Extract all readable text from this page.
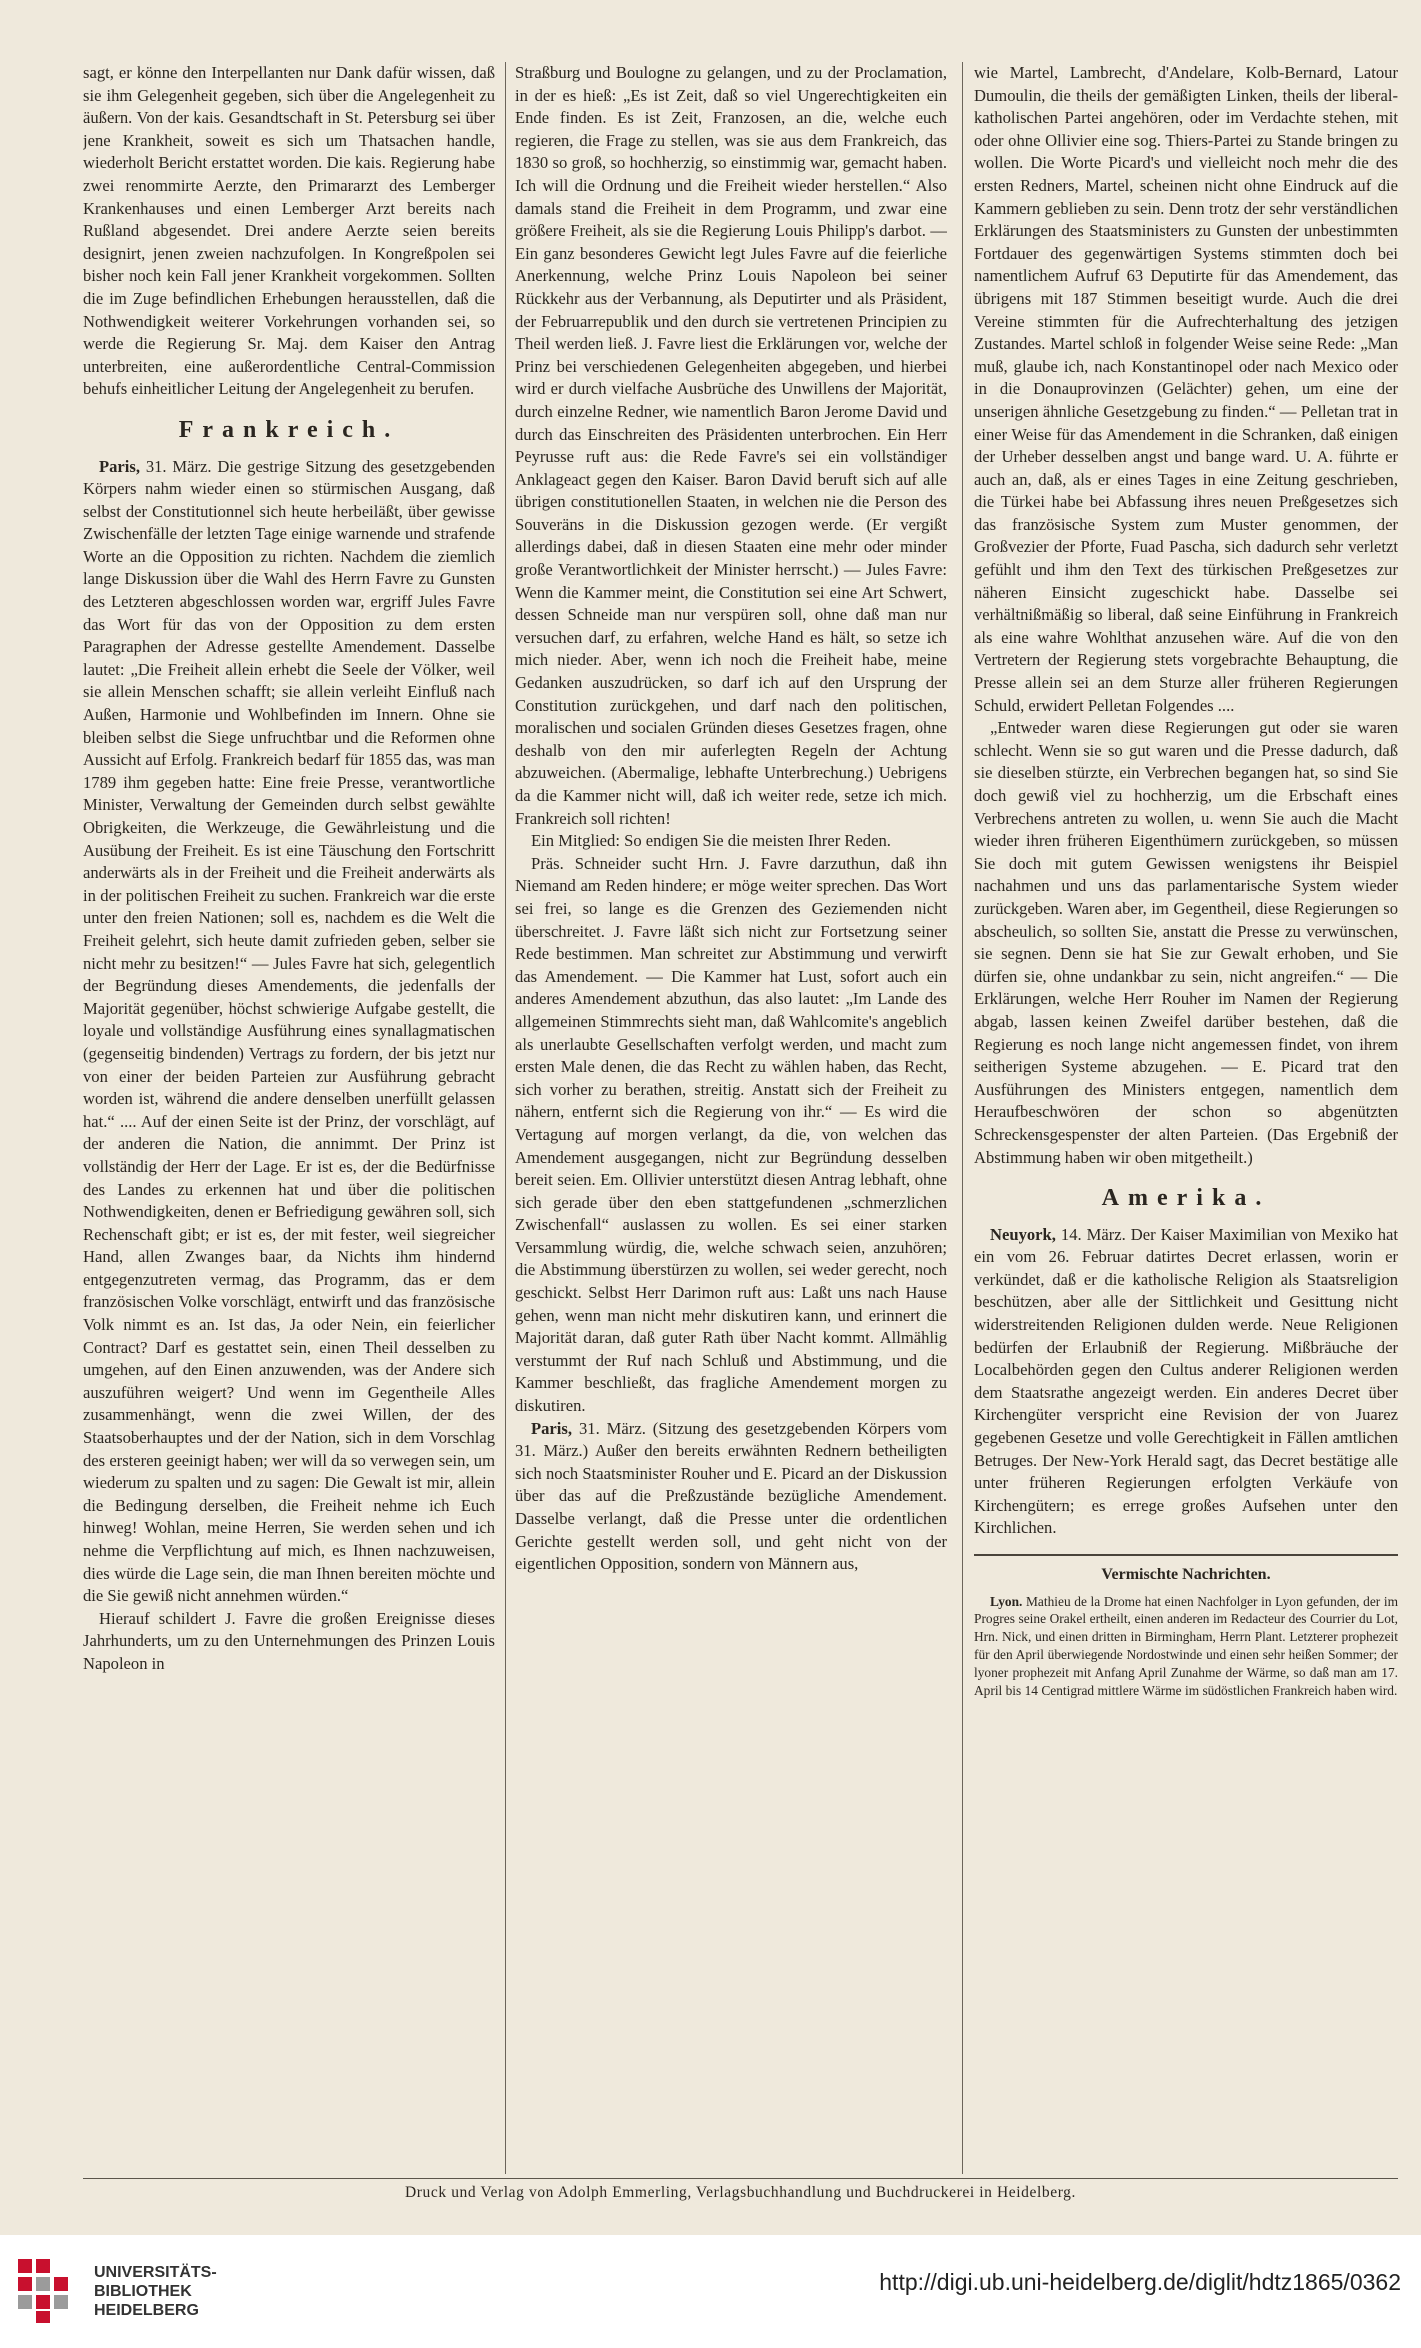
sagt, er könne den Interpellanten nur Dank dafür wissen, daß sie ihm Gelegenheit gegeben, sich über die Angelegenheit zu äußern. Von der kais. Gesandtschaft in St. Petersburg sei über jene Krankheit, soweit es sich um Thatsachen handle, wiederholt Bericht erstattet worden. Die kais. Regierung habe zwei renommirte Aerzte, den Primararzt des Lemberger Krankenhauses und einen Lemberger Arzt bereits nach Rußland abgesendet. Drei andere Aerzte seien bereits designirt, jenen zweien nachzufolgen. In Kongreßpolen sei bisher noch kein Fall jener Krankheit vorgekommen. Sollten die im Zuge befindlichen Erhebungen herausstellen, daß die Nothwendigkeit weiterer Vorkehrungen vorhanden sei, so werde die Regierung Sr. Maj. dem Kaiser den Antrag unterbreiten, eine außerordentliche Central-Commission behufs einheitlicher Leitung der Angelegenheit zu berufen.

Frankreich.

Paris, 31. März. Die gestrige Sitzung des gesetzgebenden Körpers nahm wieder einen so stürmischen Ausgang, daß selbst der Constitutionnel sich heute herbeiläßt, über gewisse Zwischenfälle der letzten Tage einige warnende und strafende Worte an die Opposition zu richten. Nachdem die ziemlich lange Diskussion über die Wahl des Herrn Favre zu Gunsten des Letzteren abgeschlossen worden war, ergriff Jules Favre das Wort für das von der Opposition zu dem ersten Paragraphen der Adresse gestellte Amendement. Dasselbe lautet: „Die Freiheit allein erhebt die Seele der Völker, weil sie allein Menschen schafft; sie allein verleiht Einfluß nach Außen, Harmonie und Wohlbefinden im Innern. Ohne sie bleiben selbst die Siege unfruchtbar und die Reformen ohne Aussicht auf Erfolg. Frankreich bedarf für 1855 das, was man 1789 ihm gegeben hatte: Eine freie Presse, verantwortliche Minister, Verwaltung der Gemeinden durch selbst gewählte Obrigkeiten, die Werkzeuge, die Gewährleistung und die Ausübung der Freiheit. Es ist eine Täuschung den Fortschritt anderwärts als in der Freiheit und die Freiheit anderwärts als in der politischen Freiheit zu suchen. Frankreich war die erste unter den freien Nationen; soll es, nachdem es die Welt die Freiheit gelehrt, sich heute damit zufrieden geben, selber sie nicht mehr zu besitzen!“ — Jules Favre hat sich, gelegentlich der Begründung dieses Amendements, die jedenfalls der Majorität gegenüber, höchst schwierige Aufgabe gestellt, die loyale und vollständige Ausführung eines synallagmatischen (gegenseitig bindenden) Vertrags zu fordern, der bis jetzt nur von einer der beiden Parteien zur Ausführung gebracht worden ist, während die andere denselben unerfüllt gelassen hat.“ .... Auf der einen Seite ist der Prinz, der vorschlägt, auf der anderen die Nation, die annimmt. Der Prinz ist vollständig der Herr der Lage. Er ist es, der die Bedürfnisse des Landes zu erkennen hat und über die politischen Nothwendigkeiten, denen er Befriedigung gewähren soll, sich Rechenschaft gibt; er ist es, der mit fester, weil siegreicher Hand, allen Zwanges baar, da Nichts ihm hindernd entgegenzutreten vermag, das Programm, das er dem französischen Volke vorschlägt, entwirft und das französische Volk nimmt es an. Ist das, Ja oder Nein, ein feierlicher Contract? Darf es gestattet sein, einen Theil desselben zu umgehen, auf den Einen anzuwenden, was der Andere sich auszuführen weigert? Und wenn im Gegentheile Alles zusammenhängt, wenn die zwei Willen, der des Staatsoberhauptes und der der Nation, sich in dem Vorschlag des ersteren geeinigt haben; wer will da so verwegen sein, um wiederum zu spalten und zu sagen: Die Gewalt ist mir, allein die Bedingung derselben, die Freiheit nehme ich Euch hinweg! Wohlan, meine Herren, Sie werden sehen und ich nehme die Verpflichtung auf mich, es Ihnen nachzuweisen, dies würde die Lage sein, die man Ihnen bereiten möchte und die Sie gewiß nicht annehmen würden.“

Hierauf schildert J. Favre die großen Ereignisse dieses Jahrhunderts, um zu den Unternehmungen des Prinzen Louis Napoleon in

Straßburg und Boulogne zu gelangen, und zu der Proclamation, in der es hieß: „Es ist Zeit, daß so viel Ungerechtigkeiten ein Ende finden. Es ist Zeit, Franzosen, an die, welche euch regieren, die Frage zu stellen, was sie aus dem Frankreich, das 1830 so groß, so hochherzig, so einstimmig war, gemacht haben. Ich will die Ordnung und die Freiheit wieder herstellen.“ Also damals stand die Freiheit in dem Programm, und zwar eine größere Freiheit, als sie die Regierung Louis Philipp's darbot. — Ein ganz besonderes Gewicht legt Jules Favre auf die feierliche Anerkennung, welche Prinz Louis Napoleon bei seiner Rückkehr aus der Verbannung, als Deputirter und als Präsident, der Februarrepublik und den durch sie vertretenen Principien zu Theil werden ließ. J. Favre liest die Erklärungen vor, welche der Prinz bei verschiedenen Gelegenheiten abgegeben, und hierbei wird er durch vielfache Ausbrüche des Unwillens der Majorität, durch einzelne Redner, wie namentlich Baron Jerome David und durch das Einschreiten des Präsidenten unterbrochen. Ein Herr Peyrusse ruft aus: die Rede Favre's sei ein vollständiger Anklageact gegen den Kaiser. Baron David beruft sich auf alle übrigen constitutionellen Staaten, in welchen nie die Person des Souveräns in die Diskussion gezogen werde. (Er vergißt allerdings dabei, daß in diesen Staaten eine mehr oder minder große Verantwortlichkeit der Minister herrscht.) — Jules Favre: Wenn die Kammer meint, die Constitution sei eine Art Schwert, dessen Schneide man nur verspüren soll, ohne daß man nur versuchen darf, zu erfahren, welche Hand es hält, so setze ich mich nieder. Aber, wenn ich noch die Freiheit habe, meine Gedanken auszudrücken, so darf ich auf den Ursprung der Constitution zurückgehen, und darf nach den politischen, moralischen und socialen Gründen dieses Gesetzes fragen, ohne deshalb von den mir auferlegten Regeln der Achtung abzuweichen. (Abermalige, lebhafte Unterbrechung.) Uebrigens da die Kammer nicht will, daß ich weiter rede, setze ich mich. Frankreich soll richten!

Ein Mitglied: So endigen Sie die meisten Ihrer Reden.

Präs. Schneider sucht Hrn. J. Favre darzuthun, daß ihn Niemand am Reden hindere; er möge weiter sprechen. Das Wort sei frei, so lange es die Grenzen des Geziemenden nicht überschreitet. J. Favre läßt sich nicht zur Fortsetzung seiner Rede bestimmen. Man schreitet zur Abstimmung und verwirft das Amendement. — Die Kammer hat Lust, sofort auch ein anderes Amendement abzuthun, das also lautet: „Im Lande des allgemeinen Stimmrechts sieht man, daß Wahlcomite's angeblich als unerlaubte Gesellschaften verfolgt werden, und macht zum ersten Male denen, die das Recht zu wählen haben, das Recht, sich vorher zu berathen, streitig. Anstatt sich der Freiheit zu nähern, entfernt sich die Regierung von ihr.“ — Es wird die Vertagung auf morgen verlangt, da die, von welchen das Amendement ausgegangen, nicht zur Begründung desselben bereit seien. Em. Ollivier unterstützt diesen Antrag lebhaft, ohne sich gerade über den eben stattgefundenen „schmerzlichen Zwischenfall“ auslassen zu wollen. Es sei einer starken Versammlung würdig, die, welche schwach seien, anzuhören; die Abstimmung überstürzen zu wollen, sei weder gerecht, noch geschickt. Selbst Herr Darimon ruft aus: Laßt uns nach Hause gehen, wenn man nicht mehr diskutiren kann, und erinnert die Majorität daran, daß guter Rath über Nacht kommt. Allmählig verstummt der Ruf nach Schluß und Abstimmung, und die Kammer beschließt, das fragliche Amendement morgen zu diskutiren.

Paris, 31. März. (Sitzung des gesetzgebenden Körpers vom 31. März.) Außer den bereits erwähnten Rednern betheiligten sich noch Staatsminister Rouher und E. Picard an der Diskussion über das auf die Preßzustände bezügliche Amendement. Dasselbe verlangt, daß die Presse unter die ordentlichen Gerichte gestellt werden soll, und geht nicht von der eigentlichen Opposition, sondern von Männern aus,

wie Martel, Lambrecht, d'Andelare, Kolb-Bernard, Latour Dumoulin, die theils der gemäßigten Linken, theils der liberal-katholischen Partei angehören, oder im Verdachte stehen, mit oder ohne Ollivier eine sog. Thiers-Partei zu Stande bringen zu wollen. Die Worte Picard's und vielleicht noch mehr die des ersten Redners, Martel, scheinen nicht ohne Eindruck auf die Kammern geblieben zu sein. Denn trotz der sehr verständlichen Erklärungen des Staatsministers zu Gunsten der unbestimmten Fortdauer des gegenwärtigen Systems stimmten doch bei namentlichem Aufruf 63 Deputirte für das Amendement, das übrigens mit 187 Stimmen beseitigt wurde. Auch die drei Vereine stimmten für die Aufrechterhaltung des jetzigen Zustandes. Martel schloß in folgender Weise seine Rede: „Man muß, glaube ich, nach Konstantinopel oder nach Mexico oder in die Donauprovinzen (Gelächter) gehen, um eine der unserigen ähnliche Gesetzgebung zu finden.“ — Pelletan trat in einer Weise für das Amendement in die Schranken, daß einigen der Urheber desselben angst und bange ward. U. A. führte er auch an, daß, als er eines Tages in eine Zeitung geschrieben, die Türkei habe bei Abfassung ihres neuen Preßgesetzes sich das französische System zum Muster genommen, der Großvezier der Pforte, Fuad Pascha, sich dadurch sehr verletzt gefühlt und ihm den Text des türkischen Preßgesetzes zur näheren Einsicht zugeschickt habe. Dasselbe sei verhältnißmäßig so liberal, daß seine Einführung in Frankreich als eine wahre Wohlthat anzusehen wäre. Auf die von den Vertretern der Regierung stets vorgebrachte Behauptung, die Presse allein sei an dem Sturze aller früheren Regierungen Schuld, erwidert Pelletan Folgendes ....

„Entweder waren diese Regierungen gut oder sie waren schlecht. Wenn sie so gut waren und die Presse dadurch, daß sie dieselben stürzte, ein Verbrechen begangen hat, so sind Sie doch gewiß viel zu hochherzig, um die Erbschaft eines Verbrechens antreten zu wollen, u. wenn Sie auch die Macht wieder ihren früheren Eigenthümern zurückgeben, so müssen Sie doch mit gutem Gewissen wenigstens ihr Beispiel nachahmen und uns das parlamentarische System wieder zurückgeben. Waren aber, im Gegentheil, diese Regierungen so abscheulich, so sollten Sie, anstatt die Presse zu verwünschen, sie segnen. Denn sie hat Sie zur Gewalt erhoben, und Sie dürfen sie, ohne undankbar zu sein, nicht angreifen.“ — Die Erklärungen, welche Herr Rouher im Namen der Regierung abgab, lassen keinen Zweifel darüber bestehen, daß die Regierung es noch lange nicht angemessen findet, von ihrem seitherigen Systeme abzugehen. — E. Picard trat den Ausführungen des Ministers entgegen, namentlich dem Heraufbeschwören der schon so abgenützten Schreckensgespenster der alten Parteien. (Das Ergebniß der Abstimmung haben wir oben mitgetheilt.)

Amerika.

Neuyork, 14. März. Der Kaiser Maximilian von Mexiko hat ein vom 26. Februar datirtes Decret erlassen, worin er verkündet, daß er die katholische Religion als Staatsreligion beschützen, aber alle der Sittlichkeit und Gesittung nicht widerstreitenden Religionen dulden werde. Neue Religionen bedürfen der Erlaubniß der Regierung. Mißbräuche der Localbehörden gegen den Cultus anderer Religionen werden dem Staatsrathe angezeigt werden. Ein anderes Decret über Kirchengüter verspricht eine Revision der von Juarez gegebenen Gesetze und volle Gerechtigkeit in Fällen amtlichen Betruges. Der New-York Herald sagt, das Decret bestätige alle unter früheren Regierungen erfolgten Verkäufe von Kirchengütern; es errege großes Aufsehen unter den Kirchlichen.

Vermischte Nachrichten.

Lyon. Mathieu de la Drome hat einen Nachfolger in Lyon gefunden, der im Progres seine Orakel ertheilt, einen anderen im Redacteur des Courrier du Lot, Hrn. Nick, und einen dritten in Birmingham, Herrn Plant. Letzterer prophezeit für den April überwiegende Nordostwinde und einen sehr heißen Sommer; der lyoner prophezeit mit Anfang April Zunahme der Wärme, so daß man am 17. April bis 14 Centigrad mittlere Wärme im südöstlichen Frankreich haben wird.

Druck und Verlag von Adolph Emmerling, Verlagsbuchhandlung und Buchdruckerei in Heidelberg.
UNIVERSITÄTS-
BIBLIOTHEK
HEIDELBERG
http://digi.ub.uni-heidelberg.de/diglit/hdtz1865/0362
